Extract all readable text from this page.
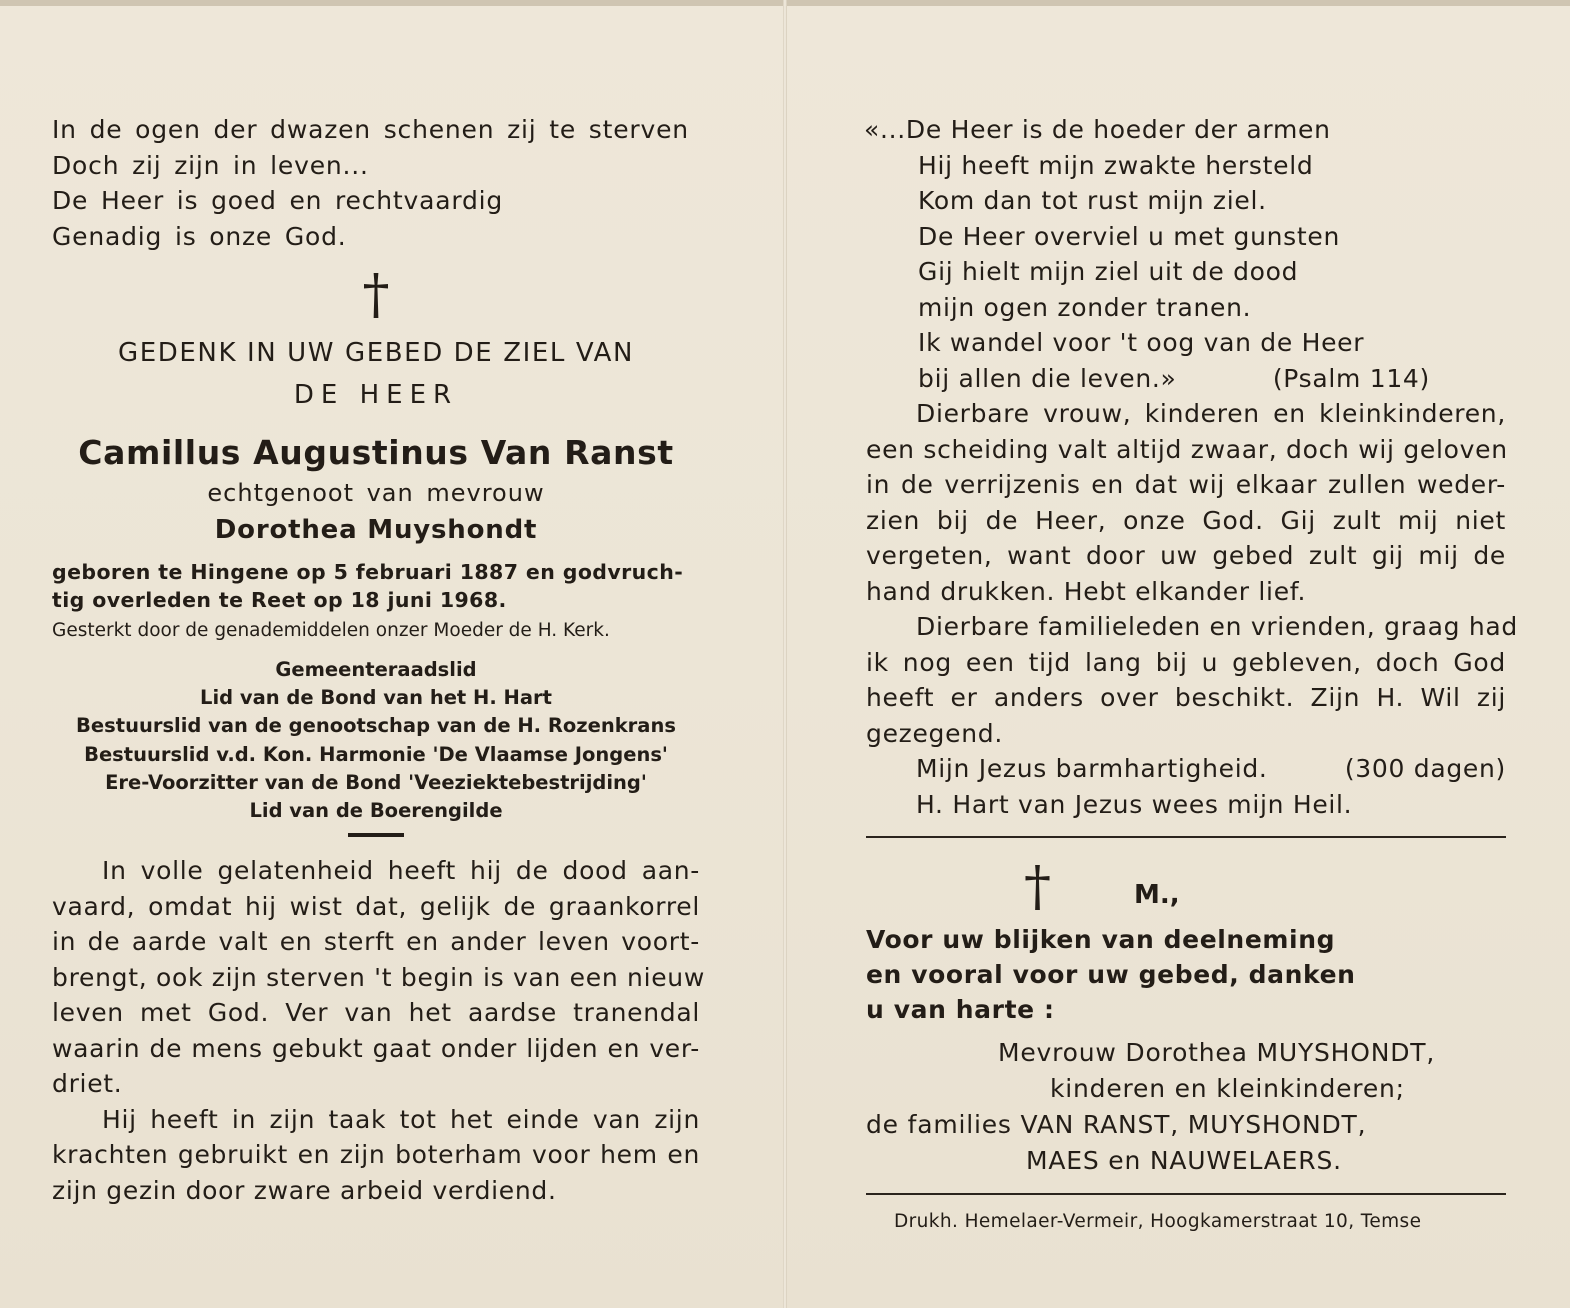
In de ogen der dwazen schenen zij te sterven
Doch zij zijn in leven...
De Heer is goed en rechtvaardig
Genadig is onze God.
†
GEDENK IN UW GEBED DE ZIEL VAN
DE HEER
Camillus Augustinus Van Ranst
echtgenoot van mevrouw
Dorothea Muyshondt
geboren te Hingene op 5 februari 1887 en godvruch-
tig overleden te Reet op 18 juni 1968.
Gesterkt door de genademiddelen onzer Moeder de H. Kerk.
Gemeenteraadslid
Lid van de Bond van het H. Hart
Bestuurslid van de genootschap van de H. Rozenkrans
Bestuurslid v.d. Kon. Harmonie 'De Vlaamse Jongens'
Ere-Voorzitter van de Bond 'Veeziektebestrijding'
Lid van de Boerengilde
In volle gelatenheid heeft hij de dood aan-
vaard, omdat hij wist dat, gelijk de graankorrel
in de aarde valt en sterft en ander leven voort-
brengt, ook zijn sterven 't begin is van een nieuw
leven met God. Ver van het aardse tranendal
waarin de mens gebukt gaat onder lijden en ver-
driet.
Hij heeft in zijn taak tot het einde van zijn
krachten gebruikt en zijn boterham voor hem en
zijn gezin door zware arbeid verdiend.
«...De Heer is de hoeder der armen
Hij heeft mijn zwakte hersteld
Kom dan tot rust mijn ziel.
De Heer overviel u met gunsten
Gij hielt mijn ziel uit de dood
mijn ogen zonder tranen.
Ik wandel voor 't oog van de Heer
bij allen die leven.»	(Psalm 114)
Dierbare vrouw, kinderen en kleinkinderen,
een scheiding valt altijd zwaar, doch wij geloven
in de verrijzenis en dat wij elkaar zullen weder-
zien bij de Heer, onze God. Gij zult mij niet
vergeten, want door uw gebed zult gij mij de
hand drukken. Hebt elkander lief.
Dierbare familieleden en vrienden, graag had
ik nog een tijd lang bij u gebleven, doch God
heeft er anders over beschikt. Zijn H. Wil zij
gezegend.
Mijn Jezus barmhartigheid.	(300 dagen)
H. Hart van Jezus wees mijn Heil.
†	M.,
Voor uw blijken van deelneming
en vooral voor uw gebed, danken
u van harte :
Mevrouw Dorothea MUYSHONDT,
kinderen en kleinkinderen;
de families VAN RANST, MUYSHONDT,
MAES en NAUWELAERS.
Drukh. Hemelaer-Vermeir, Hoogkamerstraat 10, Temse
